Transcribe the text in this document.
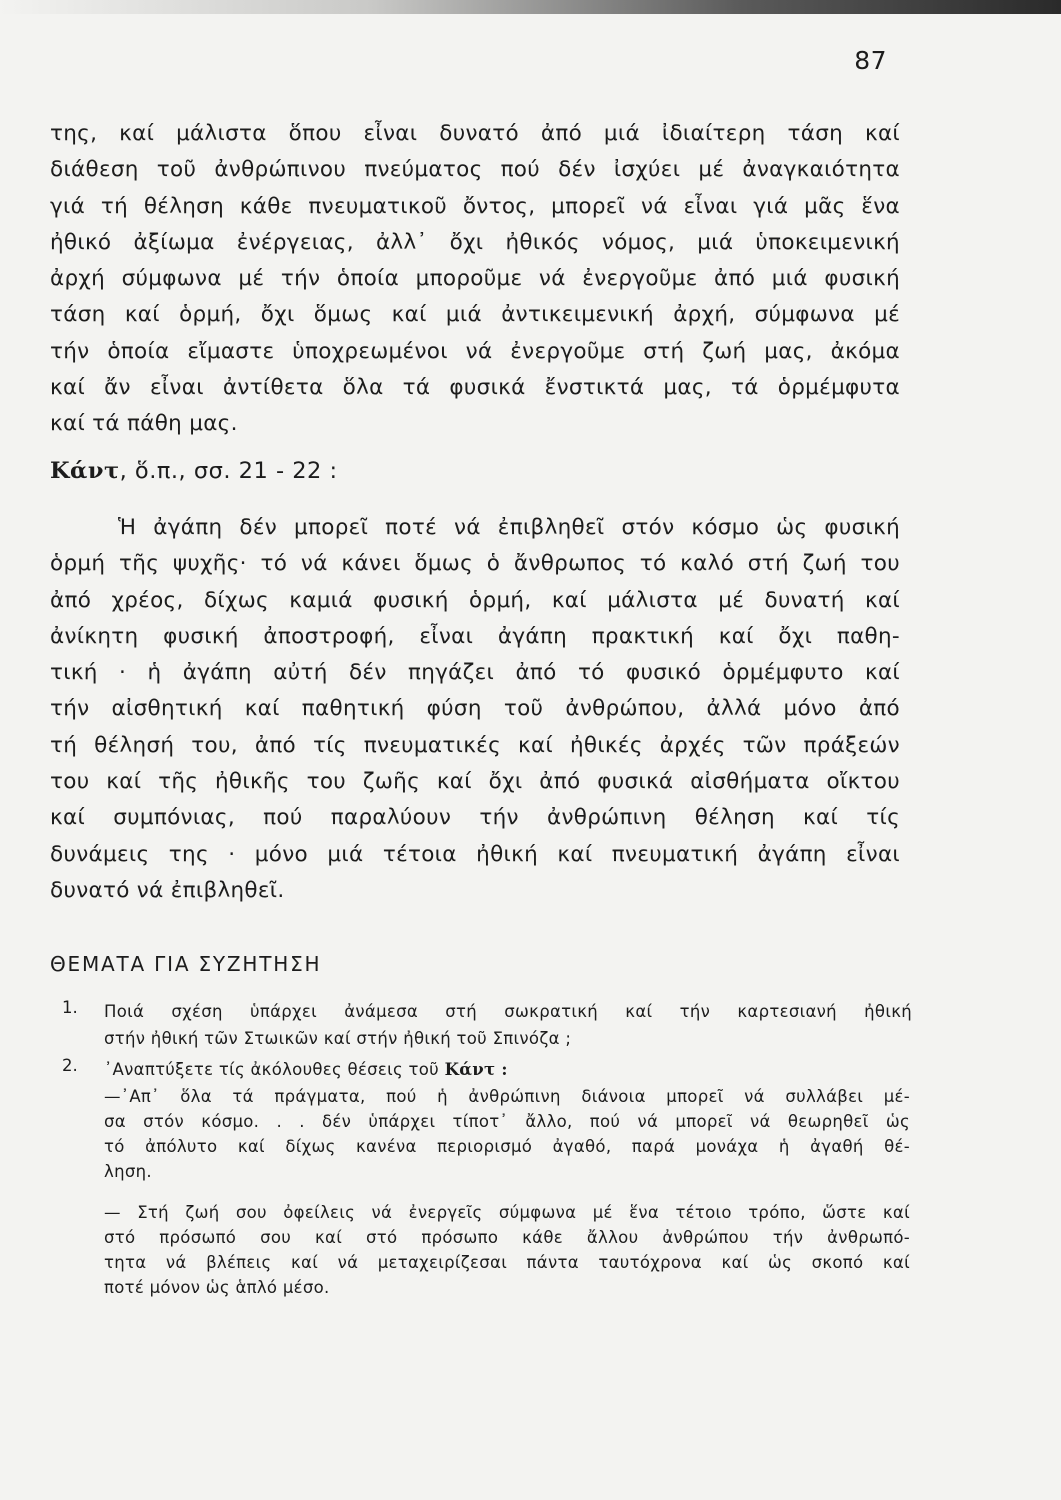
87

της, καί μάλιστα ὅπου εἶναι δυνατό ἀπό μιά ἰδιαίτερη τάση καί

διάθεση τοῦ ἀνθρώπινου πνεύματος πού δέν ἰσχύει μέ ἀναγκαιότητα

γιά τή θέληση κάθε πνευματικοῦ ὄντος, μπορεῖ νά εἶναι γιά μᾶς ἕνα

ἠθικό ἀξίωμα ἐνέργειας, ἀλλ᾿ ὄχι ἠθικός νόμος, μιά ὑποκειμενική

ἀρχή σύμφωνα μέ τήν ὁποία μποροῦμε νά ἐνεργοῦμε ἀπό μιά φυσική

τάση καί ὁρμή, ὄχι ὅμως καί μιά ἀντικειμενική ἀρχή, σύμφωνα μέ

τήν ὁποία εἴμαστε ὑποχρεωμένοι νά ἐνεργοῦμε στή ζωή μας, ἀκόμα

καί ἄν εἶναι ἀντίθετα ὅλα τά φυσικά ἔνστικτά μας, τά ὁρμέμφυτα

καί τά πάθη μας.

Κάντ, ὅ.π., σσ. 21 - 22 :

Ἡ ἀγάπη δέν μπορεῖ ποτέ νά ἐπιβληθεῖ στόν κόσμο ὡς φυσική

ὁρμή τῆς ψυχῆς· τό νά κάνει ὅμως ὁ ἄνθρωπος τό καλό στή ζωή του

ἀπό χρέος, δίχως καμιά φυσική ὁρμή, καί μάλιστα μέ δυνατή καί

ἀνίκητη φυσική ἀποστροφή, εἶναι ἀγάπη πρακτική καί ὄχι παθη-

τική · ἡ ἀγάπη αὐτή δέν πηγάζει ἀπό τό φυσικό ὁρμέμφυτο καί

τήν αἰσθητική καί παθητική φύση τοῦ ἀνθρώπου, ἀλλά μόνο ἀπό

τή θέλησή του, ἀπό τίς πνευματικές καί ἠθικές ἀρχές τῶν πράξεών

του καί τῆς ἠθικῆς του ζωῆς καί ὄχι ἀπό φυσικά αἰσθήματα οἴκτου

καί συμπόνιας, πού παραλύουν τήν ἀνθρώπινη θέληση καί τίς

δυνάμεις της · μόνο μιά τέτοια ἠθική καί πνευματική ἀγάπη εἶναι

δυνατό νά ἐπιβληθεῖ.

ΘΕΜΑΤΑ ΓΙΑ ΣΥΖΗΤΗΣΗ
1. Ποιά σχέση ὑπάρχει ἀνάμεσα στή σωκρατική καί τήν καρτεσιανή ἠθική

στήν ἠθική τῶν Στωικῶν καί στήν ἠθική τοῦ Σπινόζα ;

2. ᾿Αναπτύξετε τίς ἀκόλουθες θέσεις τοῦ Κάντ :

—᾿Απ᾿ ὅλα τά πράγματα, πού ἡ ἀνθρώπινη διάνοια μπορεῖ νά συλλάβει μέ-

σα στόν κόσμο. . . δέν ὑπάρχει τίποτ᾿ ἄλλο, πού νά μπορεῖ νά θεωρηθεῖ ὡς

τό ἀπόλυτο καί δίχως κανένα περιορισμό ἀγαθό, παρά μονάχα ἡ ἀγαθή θέ-

ληση.

— Στή ζωή σου ὀφείλεις νά ἐνεργεῖς σύμφωνα μέ ἕνα τέτοιο τρόπο, ὥστε καί

στό πρόσωπό σου καί στό πρόσωπο κάθε ἄλλου ἀνθρώπου τήν ἀνθρωπό-

τητα νά βλέπεις καί νά μεταχειρίζεσαι πάντα ταυτόχρονα καί ὡς σκοπό καί

ποτέ μόνον ὡς ἁπλό μέσο.
